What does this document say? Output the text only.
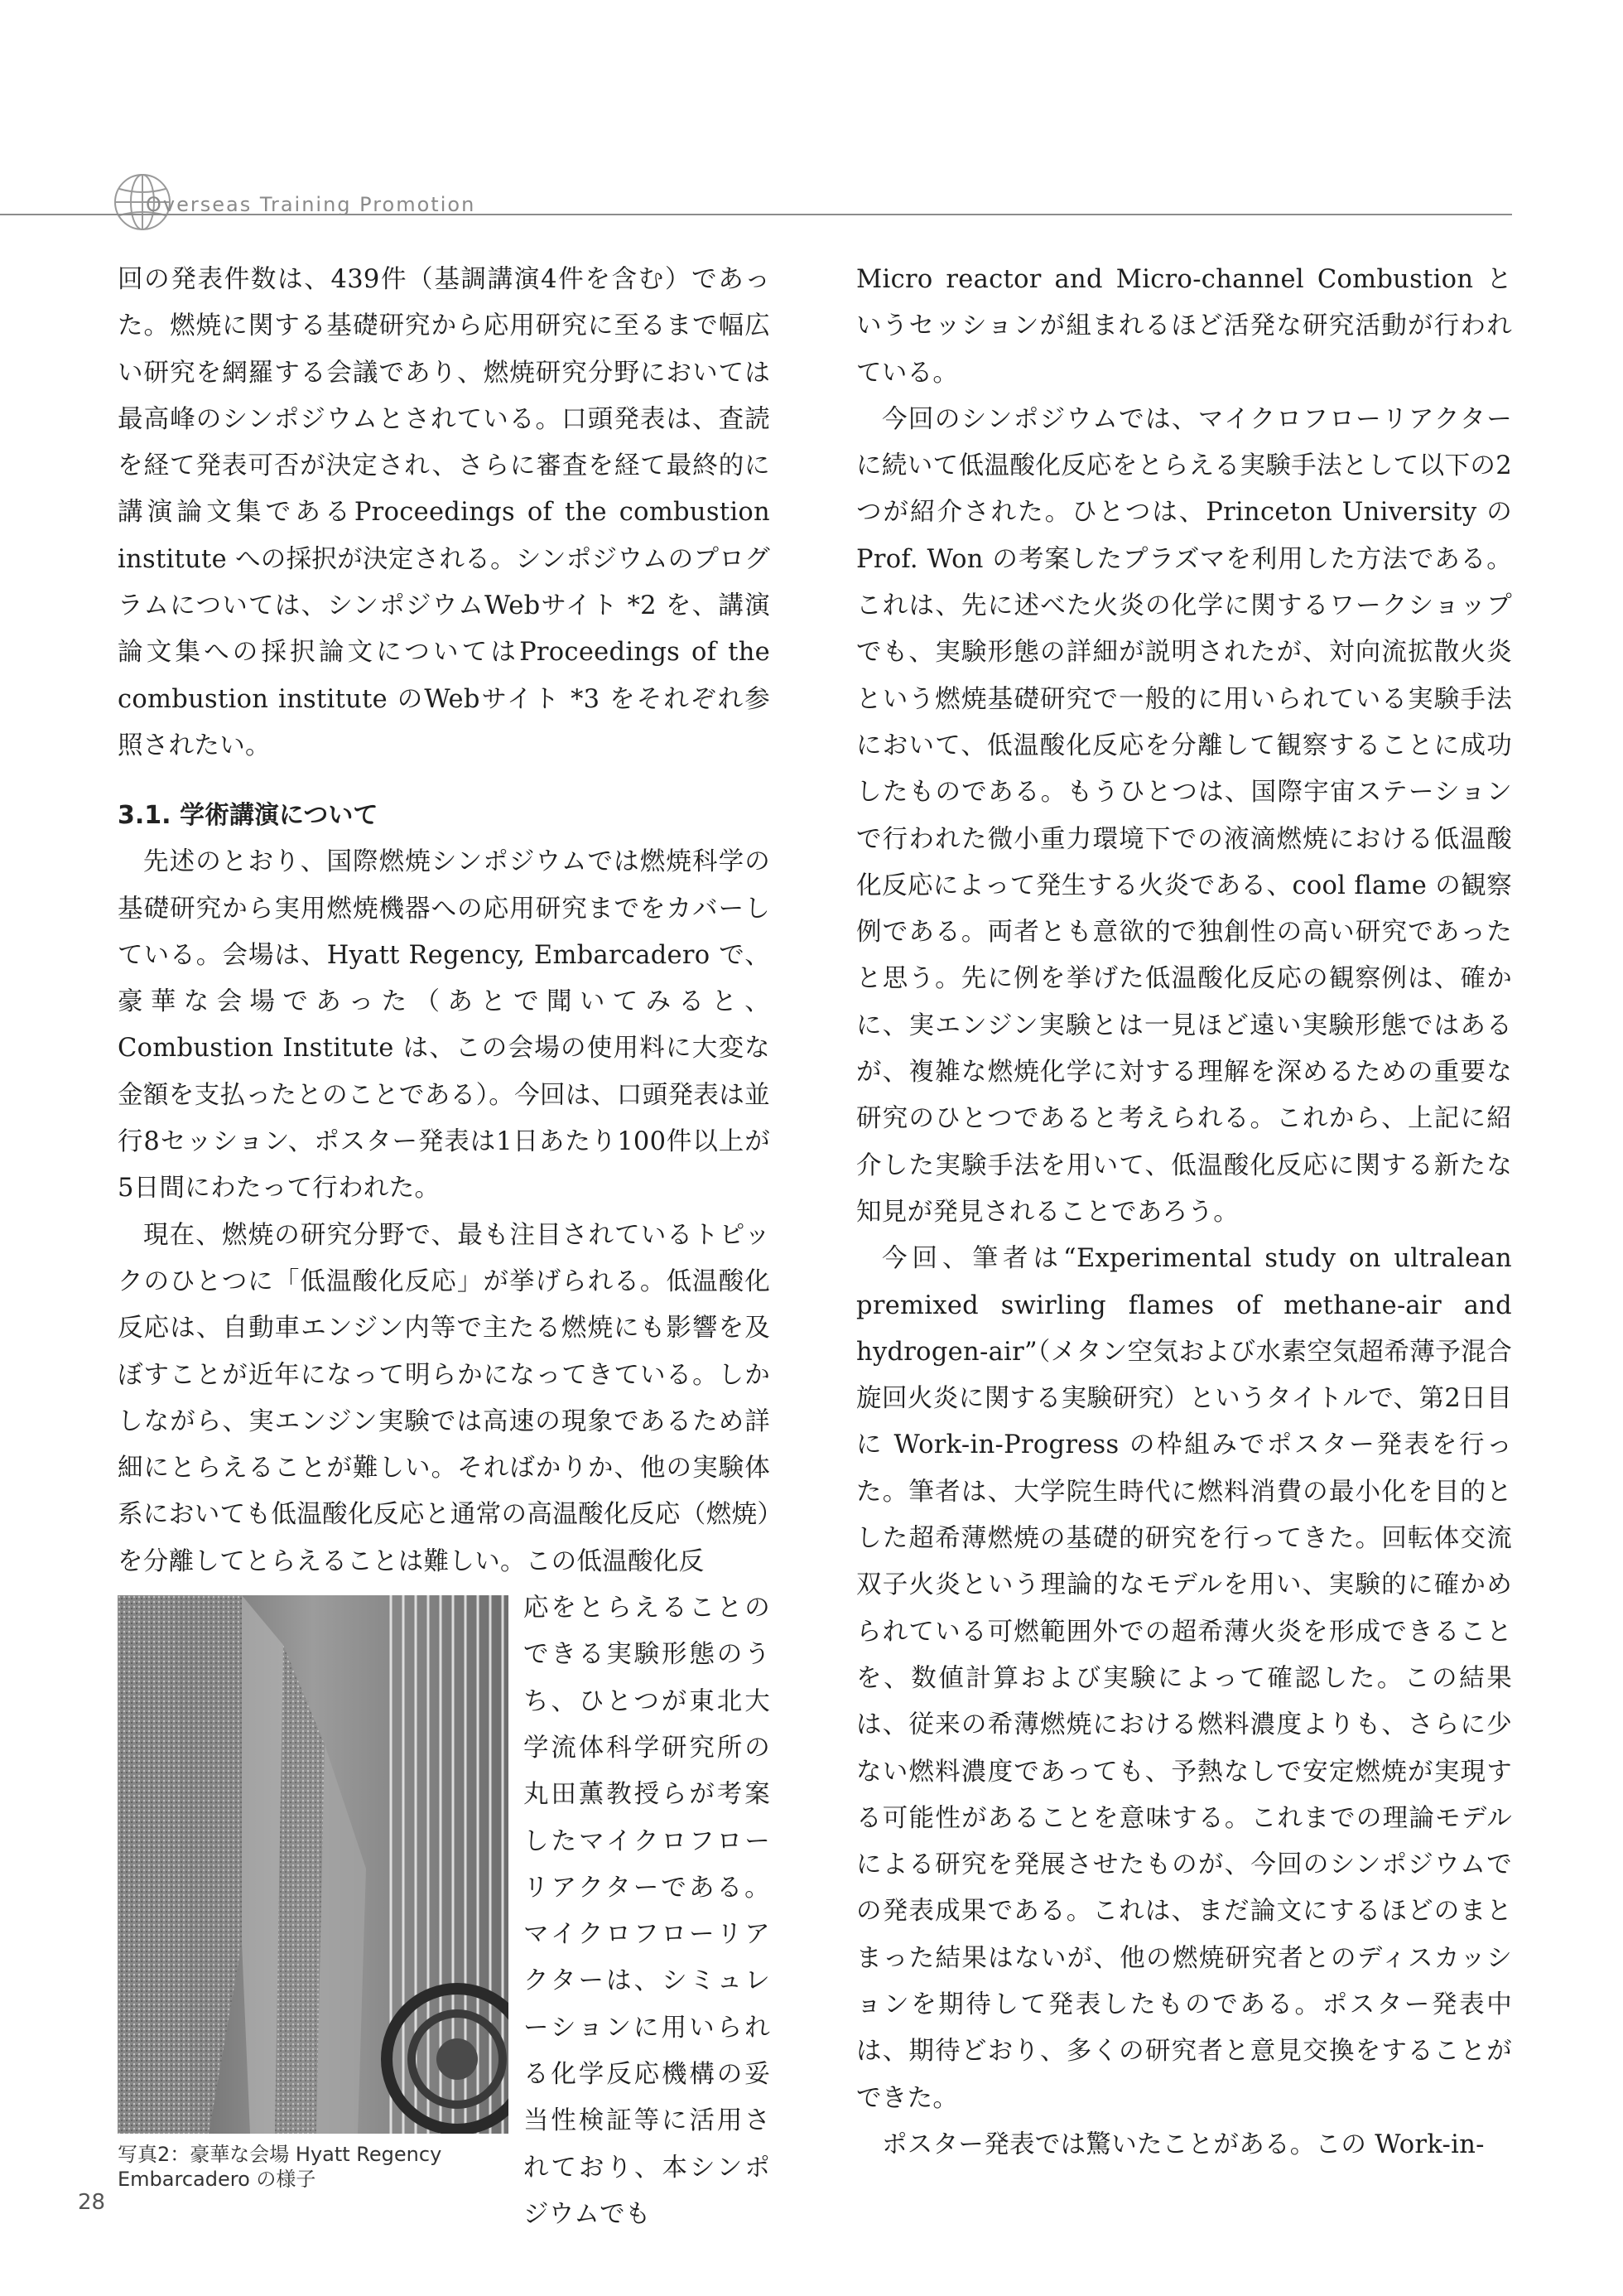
Overseas Training Promotion

回の発表件数は、439件（基調講演4件を含む）であった。燃焼に関する基礎研究から応用研究に至るまで幅広い研究を網羅する会議であり、燃焼研究分野においては最高峰のシンポジウムとされている。口頭発表は、査読を経て発表可否が決定され、さらに審査を経て最終的に講演論文集であるProceedings of the combustion institute への採択が決定される。シンポジウムのプログラムについては、シンポジウムWebサイト *2 を、講演論文集への採択論文についてはProceedings of the combustion institute のWebサイト *3 をそれぞれ参照されたい。

3.1. 学術講演について

先述のとおり、国際燃焼シンポジウムでは燃焼科学の基礎研究から実用燃焼機器への応用研究までをカバーしている。会場は、Hyatt Regency, Embarcadero で、豪華な会場であった（あとで聞いてみると、Combustion Institute は、この会場の使用料に大変な金額を支払ったとのことである）。今回は、口頭発表は並行8セッション、ポスター発表は1日あたり100件以上が5日間にわたって行われた。

現在、燃焼の研究分野で、最も注目されているトピックのひとつに「低温酸化反応」が挙げられる。低温酸化反応は、自動車エンジン内等で主たる燃焼にも影響を及ぼすことが近年になって明らかになってきている。しかしながら、実エンジン実験では高速の現象であるため詳細にとらえることが難しい。そればかりか、他の実験体系においても低温酸化反応と通常の高温酸化反応（燃焼）を分離してとらえることは難しい。この低温酸化反

写真2：豪華な会場 Hyatt Regency Embarcadero の様子

応をとらえることのできる実験形態のうち、ひとつが東北大学流体科学研究所の丸田薫教授らが考案したマイクロフローリアクターである。マイクロフローリアクターは、シミュレーションに用いられる化学反応機構の妥当性検証等に活用されており、本シンポジウムでも

Micro reactor and Micro-channel Combustion というセッションが組まれるほど活発な研究活動が行われている。

今回のシンポジウムでは、マイクロフローリアクターに続いて低温酸化反応をとらえる実験手法として以下の2つが紹介された。ひとつは、Princeton University の Prof. Won の考案したプラズマを利用した方法である。これは、先に述べた火炎の化学に関するワークショップでも、実験形態の詳細が説明されたが、対向流拡散火炎という燃焼基礎研究で一般的に用いられている実験手法において、低温酸化反応を分離して観察することに成功したものである。もうひとつは、国際宇宙ステーションで行われた微小重力環境下での液滴燃焼における低温酸化反応によって発生する火炎である、cool flame の観察例である。両者とも意欲的で独創性の高い研究であったと思う。先に例を挙げた低温酸化反応の観察例は、確かに、実エンジン実験とは一見ほど遠い実験形態ではあるが、複雑な燃焼化学に対する理解を深めるための重要な研究のひとつであると考えられる。これから、上記に紹介した実験手法を用いて、低温酸化反応に関する新たな知見が発見されることであろう。

今回、筆者は“Experimental study on ultralean premixed swirling flames of methane-air and hydrogen-air”（メタン空気および水素空気超希薄予混合旋回火炎に関する実験研究）というタイトルで、第2日目に Work-in-Progress の枠組みでポスター発表を行った。筆者は、大学院生時代に燃料消費の最小化を目的とした超希薄燃焼の基礎的研究を行ってきた。回転体交流双子火炎という理論的なモデルを用い、実験的に確かめられている可燃範囲外での超希薄火炎を形成できることを、数値計算および実験によって確認した。この結果は、従来の希薄燃焼における燃料濃度よりも、さらに少ない燃料濃度であっても、予熱なしで安定燃焼が実現する可能性があることを意味する。これまでの理論モデルによる研究を発展させたものが、今回のシンポジウムでの発表成果である。これは、まだ論文にするほどのまとまった結果はないが、他の燃焼研究者とのディスカッションを期待して発表したものである。ポスター発表中は、期待どおり、多くの研究者と意見交換をすることができた。

ポスター発表では驚いたことがある。この Work-in-

28
